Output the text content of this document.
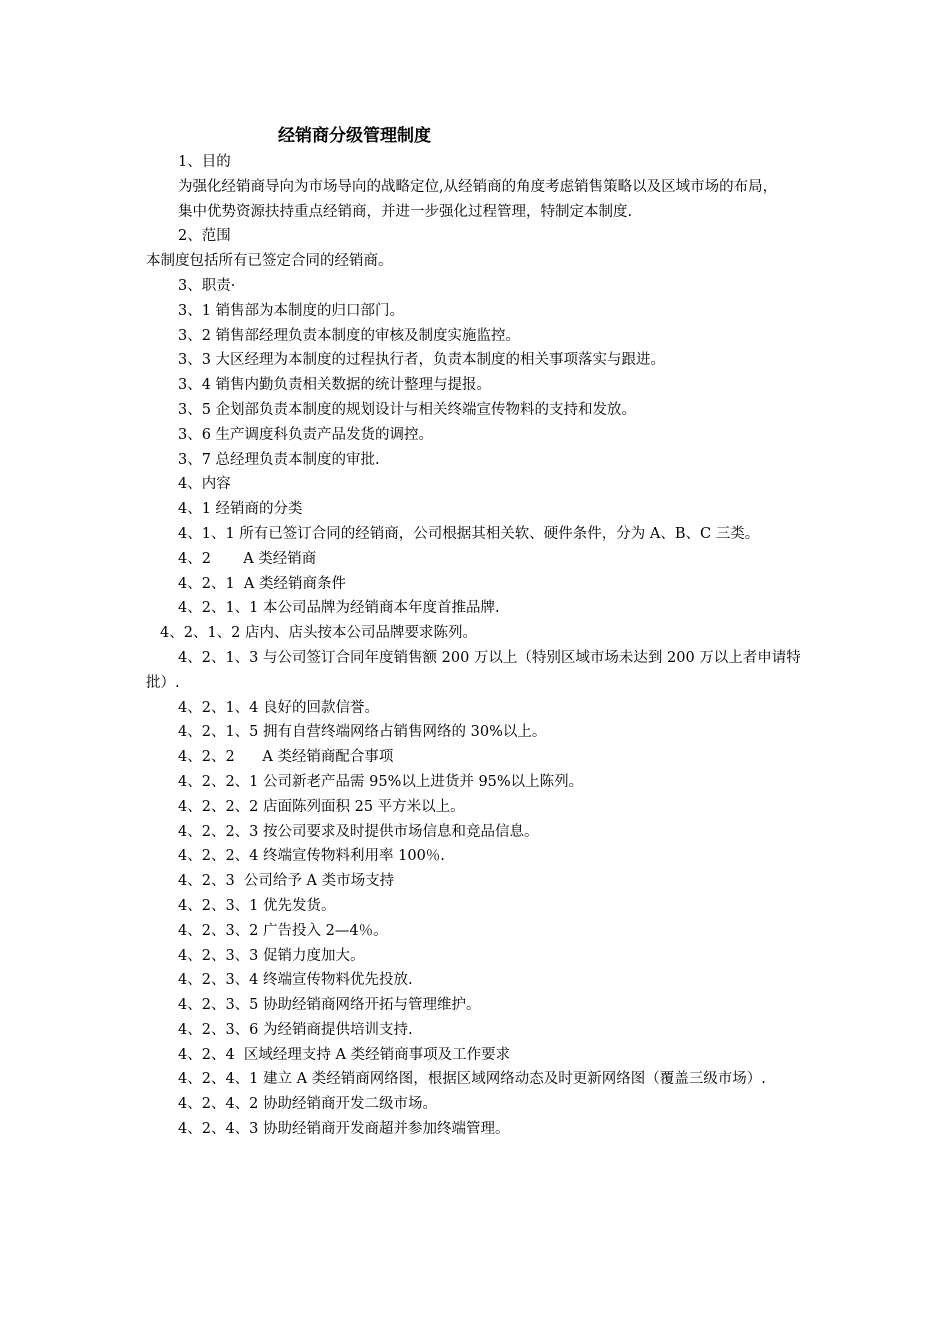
经销商分级管理制度

1、目的

为强化经销商导向为市场导向的战略定位,从经销商的角度考虑销售策略以及区域市场的布局，

集中优势资源扶持重点经销商，并进一步强化过程管理，特制定本制度.

2、范围

本制度包括所有已签定合同的经销商。

3、职责·

3、1 销售部为本制度的归口部门。

3、2 销售部经理负责本制度的审核及制度实施监控。

3、3 大区经理为本制度的过程执行者，负责本制度的相关事项落实与跟进。

3、4 销售内勤负责相关数据的统计整理与提报。

3、5 企划部负责本制度的规划设计与相关终端宣传物料的支持和发放。

3、6 生产调度科负责产品发货的调控。

3、7 总经理负责本制度的审批.

4、内容

4、1 经销商的分类

4、1、1 所有已签订合同的经销商，公司根据其相关软、硬件条件，分为 A、B、C 三类。

4、2       A 类经销商

4、2、1  A 类经销商条件

4、2、1、1 本公司品牌为经销商本年度首推品牌.

4、2、1、2 店内、店头按本公司品牌要求陈列。

4、2、1、3 与公司签订合同年度销售额 200 万以上（特别区域市场未达到 200 万以上者申请特批）.

4、2、1、4 良好的回款信誉。

4、2、1、5 拥有自营终端网络占销售网络的 30%以上。

4、2、2      A 类经销商配合事项

4、2、2、1 公司新老产品需 95%以上进货并 95%以上陈列。

4、2、2、2 店面陈列面积 25 平方米以上。

4、2、2、3 按公司要求及时提供市场信息和竞品信息。

4、2、2、4 终端宣传物料利用率 100％.

4、2、3  公司给予 A 类市场支持

4、2、3、1 优先发货。

4、2、3、2 广告投入 2—4％。

4、2、3、3 促销力度加大。

4、2、3、4 终端宣传物料优先投放.

4、2、3、5 协助经销商网络开拓与管理维护。

4、2、3、6 为经销商提供培训支持.

4、2、4  区域经理支持 A 类经销商事项及工作要求

4、2、4、1 建立 A 类经销商网络图，根据区域网络动态及时更新网络图（覆盖三级市场）.

4、2、4、2 协助经销商开发二级市场。

4、2、4、3 协助经销商开发商超并参加终端管理。
